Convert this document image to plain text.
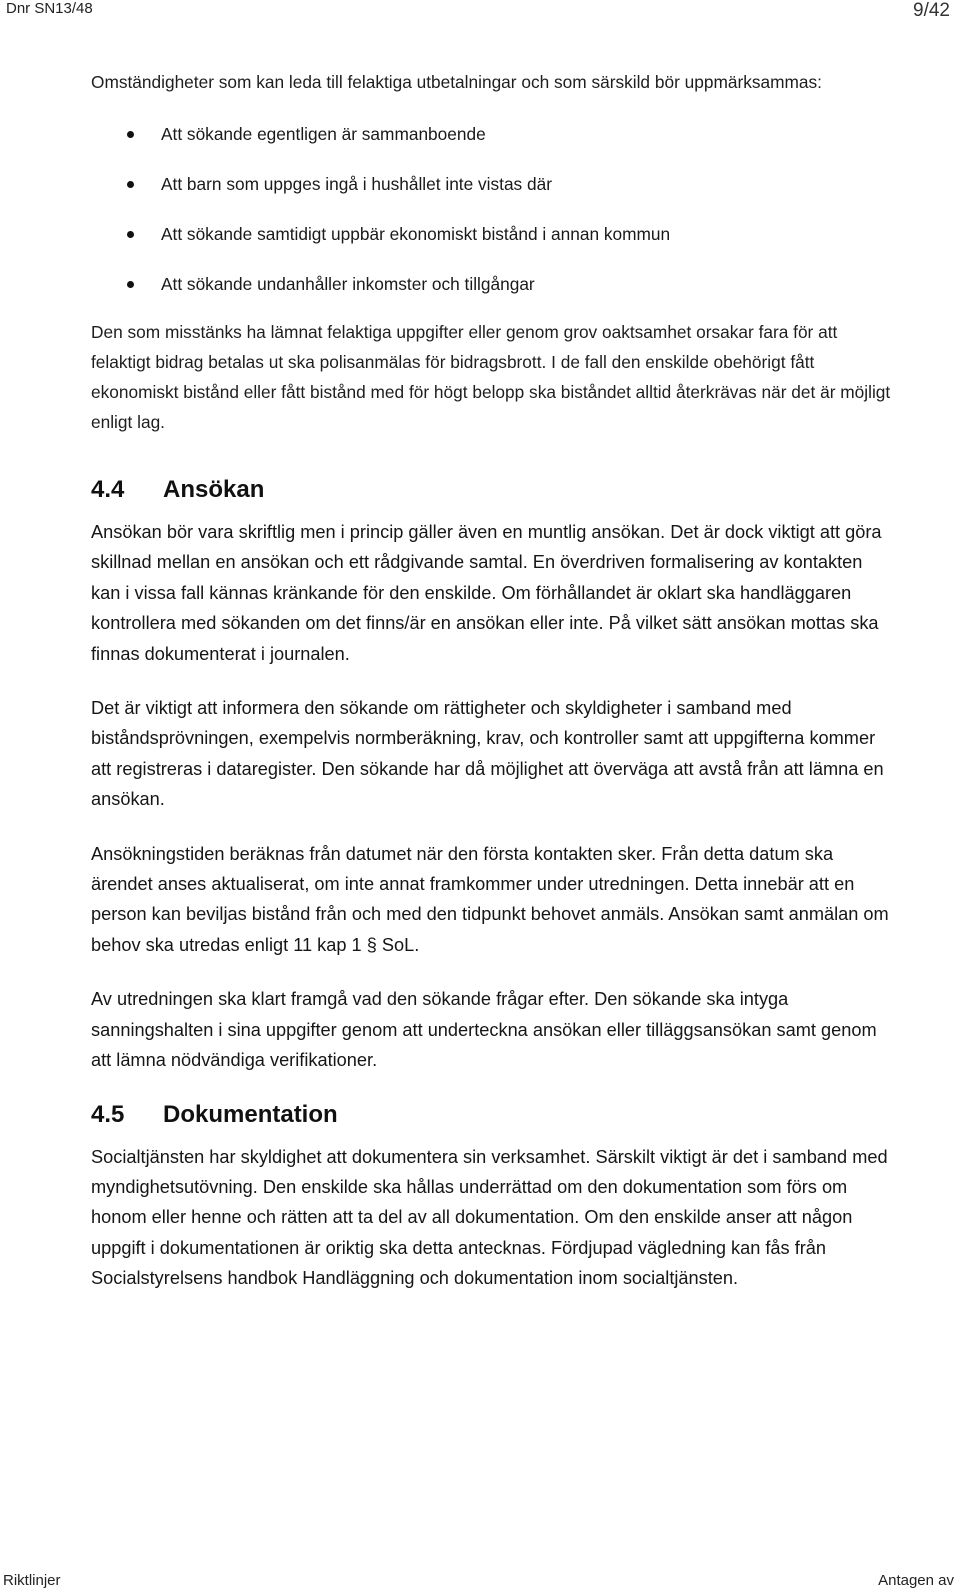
Dnr SN13/48	9/42

Omständigheter som kan leda till felaktiga utbetalningar och som särskild bör uppmärksammas:

Att sökande egentligen är sammanboende
Att barn som uppges ingå i hushållet inte vistas där
Att sökande samtidigt uppbär ekonomiskt bistånd i annan kommun
Att sökande undanhåller inkomster och tillgångar

Den som misstänks ha lämnat felaktiga uppgifter eller genom grov oaktsamhet orsakar fara för att felaktigt bidrag betalas ut ska polisanmälas för bidragsbrott. I de fall den enskilde obehörigt fått ekonomiskt bistånd eller fått bistånd med för högt belopp ska biståndet alltid återkrävas när det är möjligt enligt lag.

4.4 Ansökan

Ansökan bör vara skriftlig men i princip gäller även en muntlig ansökan. Det är dock viktigt att göra skillnad mellan en ansökan och ett rådgivande samtal. En överdriven formalisering av kontakten kan i vissa fall kännas kränkande för den enskilde. Om förhållandet är oklart ska handläggaren kontrollera med sökanden om det finns/är en ansökan eller inte. På vilket sätt ansökan mottas ska finnas dokumenterat i journalen.

Det är viktigt att informera den sökande om rättigheter och skyldigheter i samband med biståndsprövningen, exempelvis normberäkning, krav, och kontroller samt att uppgifterna kommer att registreras i dataregister. Den sökande har då möjlighet att överväga att avstå från att lämna en ansökan.

Ansökningstiden beräknas från datumet när den första kontakten sker. Från detta datum ska ärendet anses aktualiserat, om inte annat framkommer under utredningen. Detta innebär att en person kan beviljas bistånd från och med den tidpunkt behovet anmäls. Ansökan samt anmälan om behov ska utredas enligt 11 kap 1 § SoL.

Av utredningen ska klart framgå vad den sökande frågar efter. Den sökande ska intyga sanningshalten i sina uppgifter genom att underteckna ansökan eller tilläggsansökan samt genom att lämna nödvändiga verifikationer.

4.5 Dokumentation

Socialtjänsten har skyldighet att dokumentera sin verksamhet. Särskilt viktigt är det i samband med myndighetsutövning. Den enskilde ska hållas underrättad om den dokumentation som förs om honom eller henne och rätten att ta del av all dokumentation. Om den enskilde anser att någon uppgift i dokumentationen är oriktig ska detta antecknas. Fördjupad vägledning kan fås från Socialstyrelsens handbok Handläggning och dokumentation inom socialtjänsten.

Riktlinjer	Antagen av
